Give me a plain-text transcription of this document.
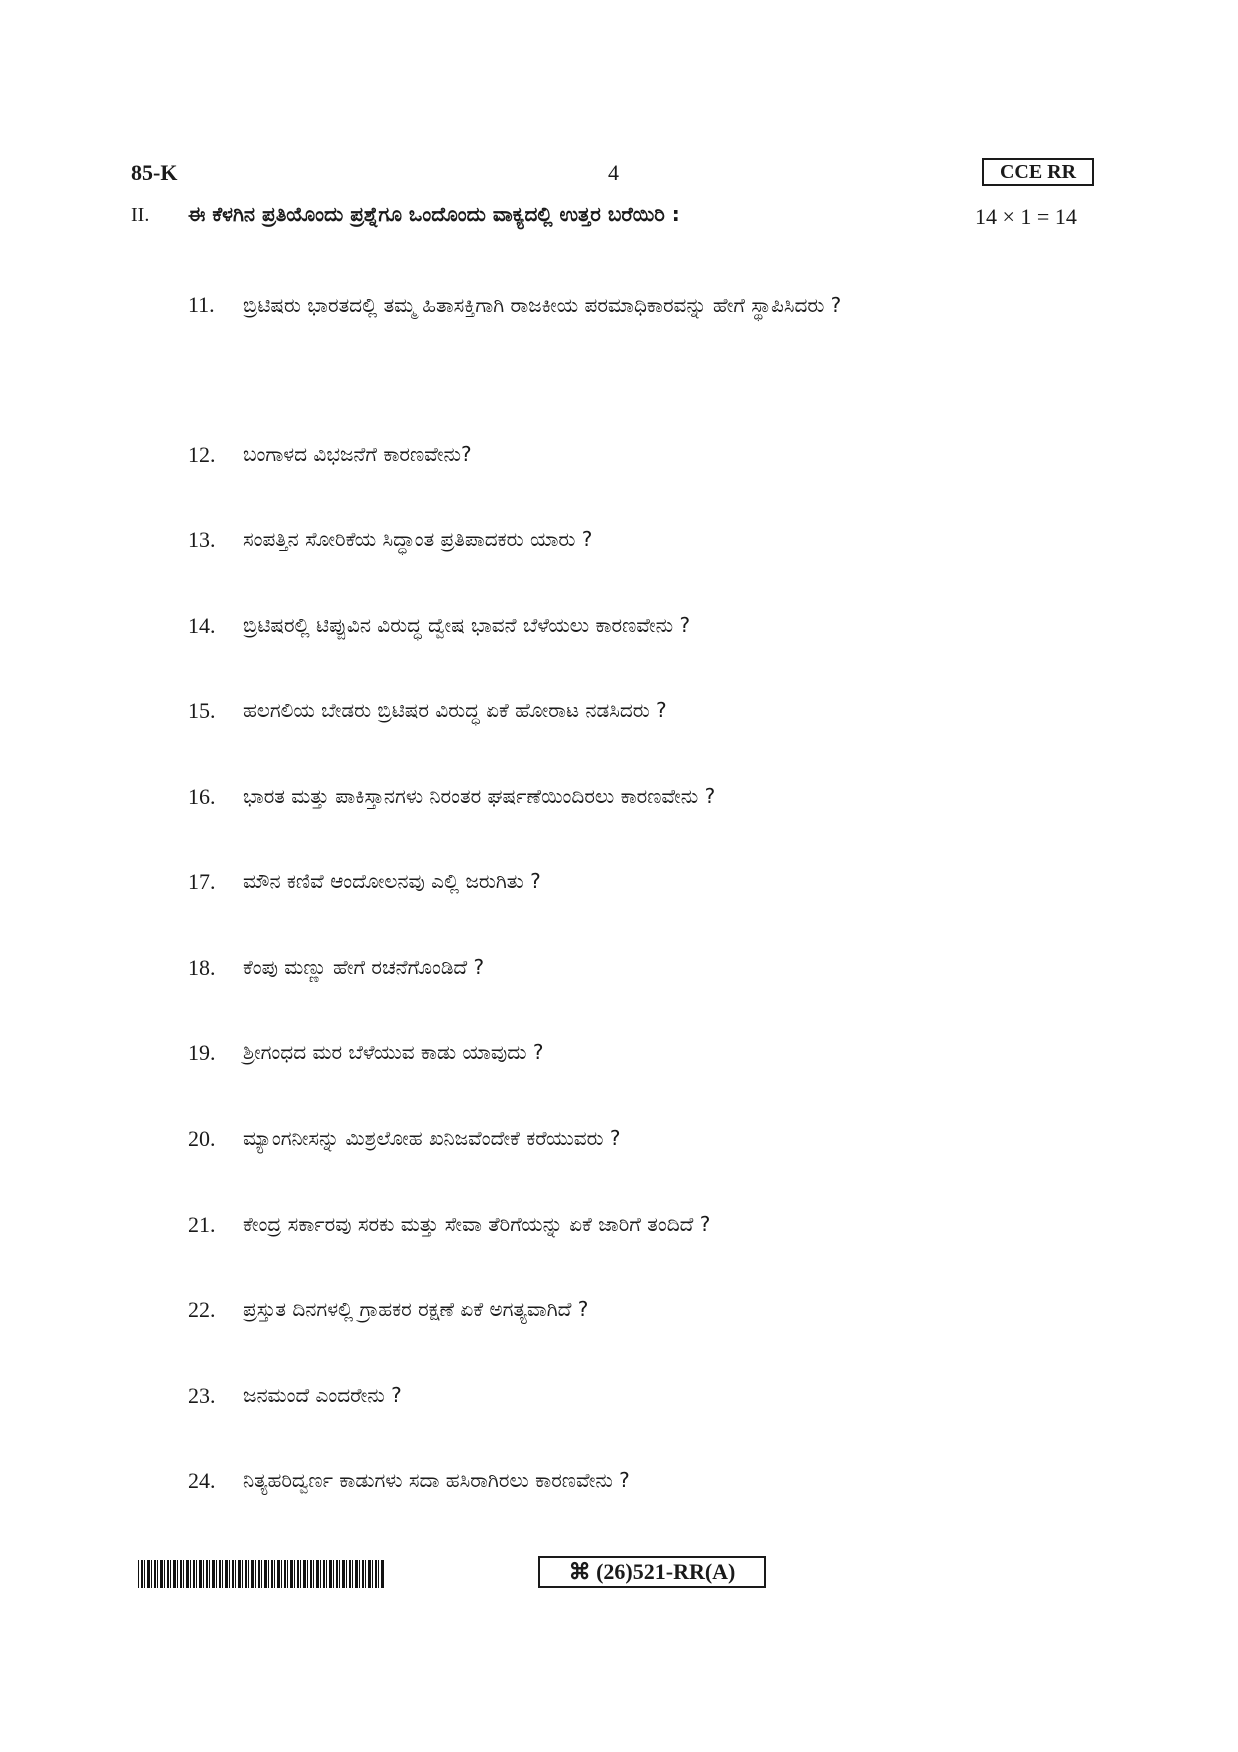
85-K	4	CCE RR
II. ಈ ಕೆಳಗಿನ ಪ್ರತಿಯೊಂದು ಪ್ರಶ್ನೆಗೂ ಒಂದೊಂದು ವಾಕ್ಯದಲ್ಲಿ ಉತ್ತರ ಬರೆಯಿರಿ :	14 × 1 = 14
11. ಬ್ರಿಟಿಷರು ಭಾರತದಲ್ಲಿ ತಮ್ಮ ಹಿತಾಸಕ್ತಿಗಾಗಿ ರಾಜಕೀಯ ಪರಮಾಧಿಕಾರವನ್ನು ಹೇಗೆ ಸ್ಥಾಪಿಸಿದರು ?
12. ಬಂಗಾಳದ ವಿಭಜನೆಗೆ ಕಾರಣವೇನು?
13. ಸಂಪತ್ತಿನ ಸೋರಿಕೆಯ ಸಿದ್ಧಾಂತ ಪ್ರತಿಪಾದಕರು ಯಾರು ?
14. ಬ್ರಿಟಿಷರಲ್ಲಿ ಟಿಪ್ಪುವಿನ ವಿರುದ್ಧ ದ್ವೇಷ ಭಾವನೆ ಬೆಳೆಯಲು ಕಾರಣವೇನು ?
15. ಹಲಗಲಿಯ ಬೇಡರು ಬ್ರಿಟಿಷರ ವಿರುದ್ಧ ಏಕೆ ಹೋರಾಟ ನಡಸಿದರು ?
16. ಭಾರತ ಮತ್ತು ಪಾಕಿಸ್ತಾನಗಳು ನಿರಂತರ ಘರ್ಷಣೆಯಿಂದಿರಲು ಕಾರಣವೇನು ?
17. ಮೌನ ಕಣಿವೆ ಆಂದೋಲನವು ಎಲ್ಲಿ ಜರುಗಿತು ?
18. ಕೆಂಪು ಮಣ್ಣು ಹೇಗೆ ರಚನೆಗೊಂಡಿದೆ ?
19. ಶ್ರೀಗಂಧದ ಮರ ಬೆಳೆಯುವ ಕಾಡು ಯಾವುದು ?
20. ಮ್ಯಾಂಗನೀಸನ್ನು ಮಿಶ್ರಲೋಹ ಖನಿಜವೆಂದೇಕೆ ಕರೆಯುವರು ?
21. ಕೇಂದ್ರ ಸರ್ಕಾರವು ಸರಕು ಮತ್ತು ಸೇವಾ ತೆರಿಗೆಯನ್ನು ಏಕೆ ಜಾರಿಗೆ ತಂದಿದೆ ?
22. ಪ್ರಸ್ತುತ ದಿನಗಳಲ್ಲಿ ಗ್ರಾಹಕರ ರಕ್ಷಣೆ ಏಕೆ ಅಗತ್ಯವಾಗಿದೆ ?
23. ಜನಮಂದೆ ಎಂದರೇನು ?
24. ನಿತ್ಯಹರಿದ್ವರ್ಣ ಕಾಡುಗಳು ಸದಾ ಹಸಿರಾಗಿರಲು ಕಾರಣವೇನು ?
⌘ (26)521-RR(A)
